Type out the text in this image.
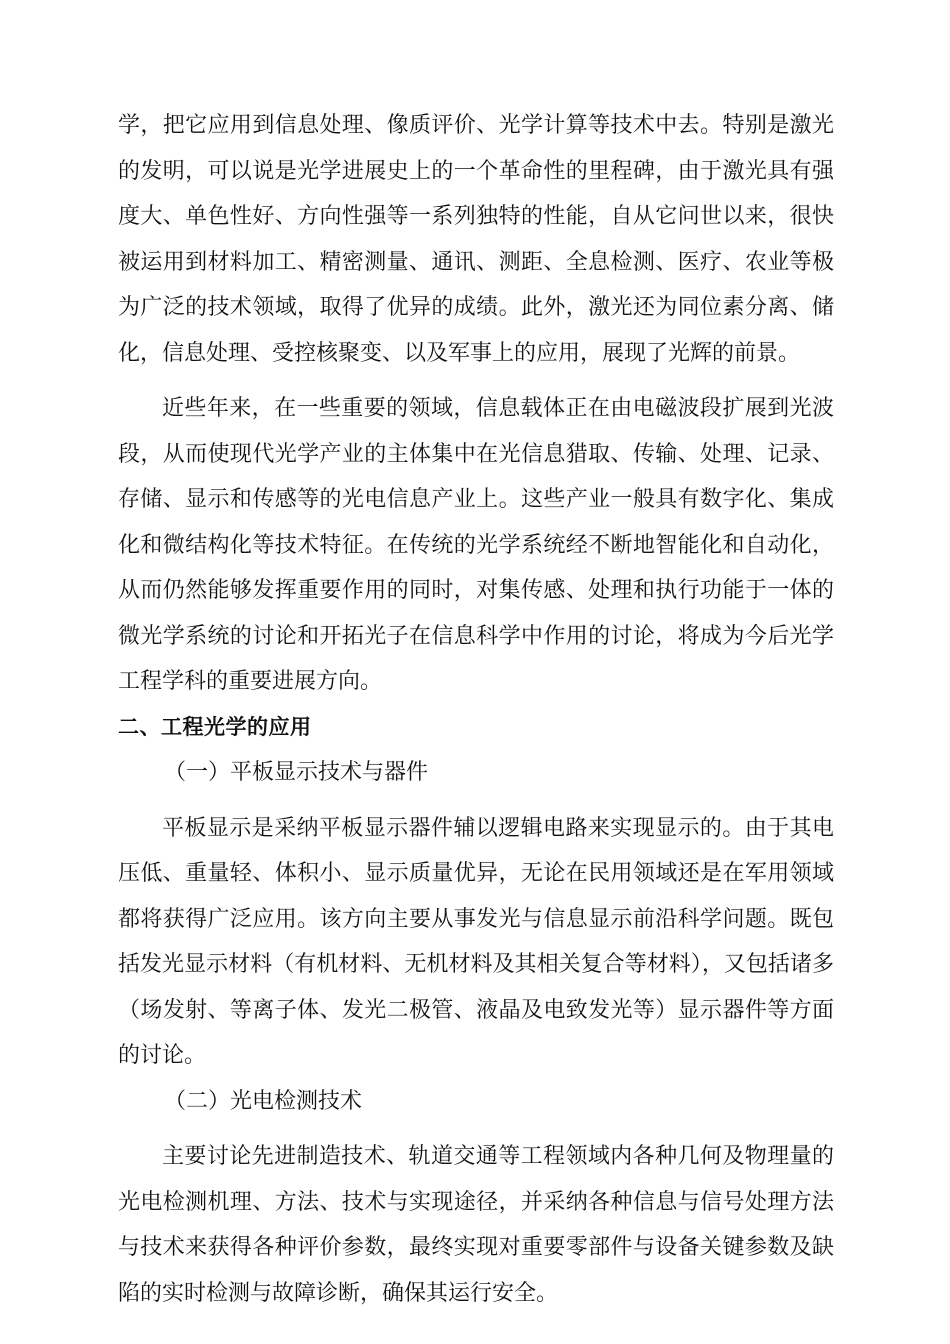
学，把它应用到信息处理、像质评价、光学计算等技术中去。特别是激光的发明，可以说是光学进展史上的一个革命性的里程碑，由于激光具有强度大、单色性好、方向性强等一系列独特的性能，自从它问世以来，很快被运用到材料加工、精密测量、通讯、测距、全息检测、医疗、农业等极为广泛的技术领域，取得了优异的成绩。此外，激光还为同位素分离、储化，信息处理、受控核聚变、以及军事上的应用，展现了光辉的前景。

近些年来，在一些重要的领域，信息载体正在由电磁波段扩展到光波段，从而使现代光学产业的主体集中在光信息猎取、传输、处理、记录、存储、显示和传感等的光电信息产业上。这些产业一般具有数字化、集成化和微结构化等技术特征。在传统的光学系统经不断地智能化和自动化，从而仍然能够发挥重要作用的同时，对集传感、处理和执行功能于一体的微光学系统的讨论和开拓光子在信息科学中作用的讨论，将成为今后光学工程学科的重要进展方向。

二、工程光学的应用

（一）平板显示技术与器件

平板显示是采纳平板显示器件辅以逻辑电路来实现显示的。由于其电压低、重量轻、体积小、显示质量优异，无论在民用领域还是在军用领域都将获得广泛应用。该方向主要从事发光与信息显示前沿科学问题。既包括发光显示材料（有机材料、无机材料及其相关复合等材料），又包括诸多（场发射、等离子体、发光二极管、液晶及电致发光等）显示器件等方面的讨论。

（二）光电检测技术

主要讨论先进制造技术、轨道交通等工程领域内各种几何及物理量的光电检测机理、方法、技术与实现途径，并采纳各种信息与信号处理方法与技术来获得各种评价参数，最终实现对重要零部件与设备关键参数及缺陷的实时检测与故障诊断，确保其运行安全。
